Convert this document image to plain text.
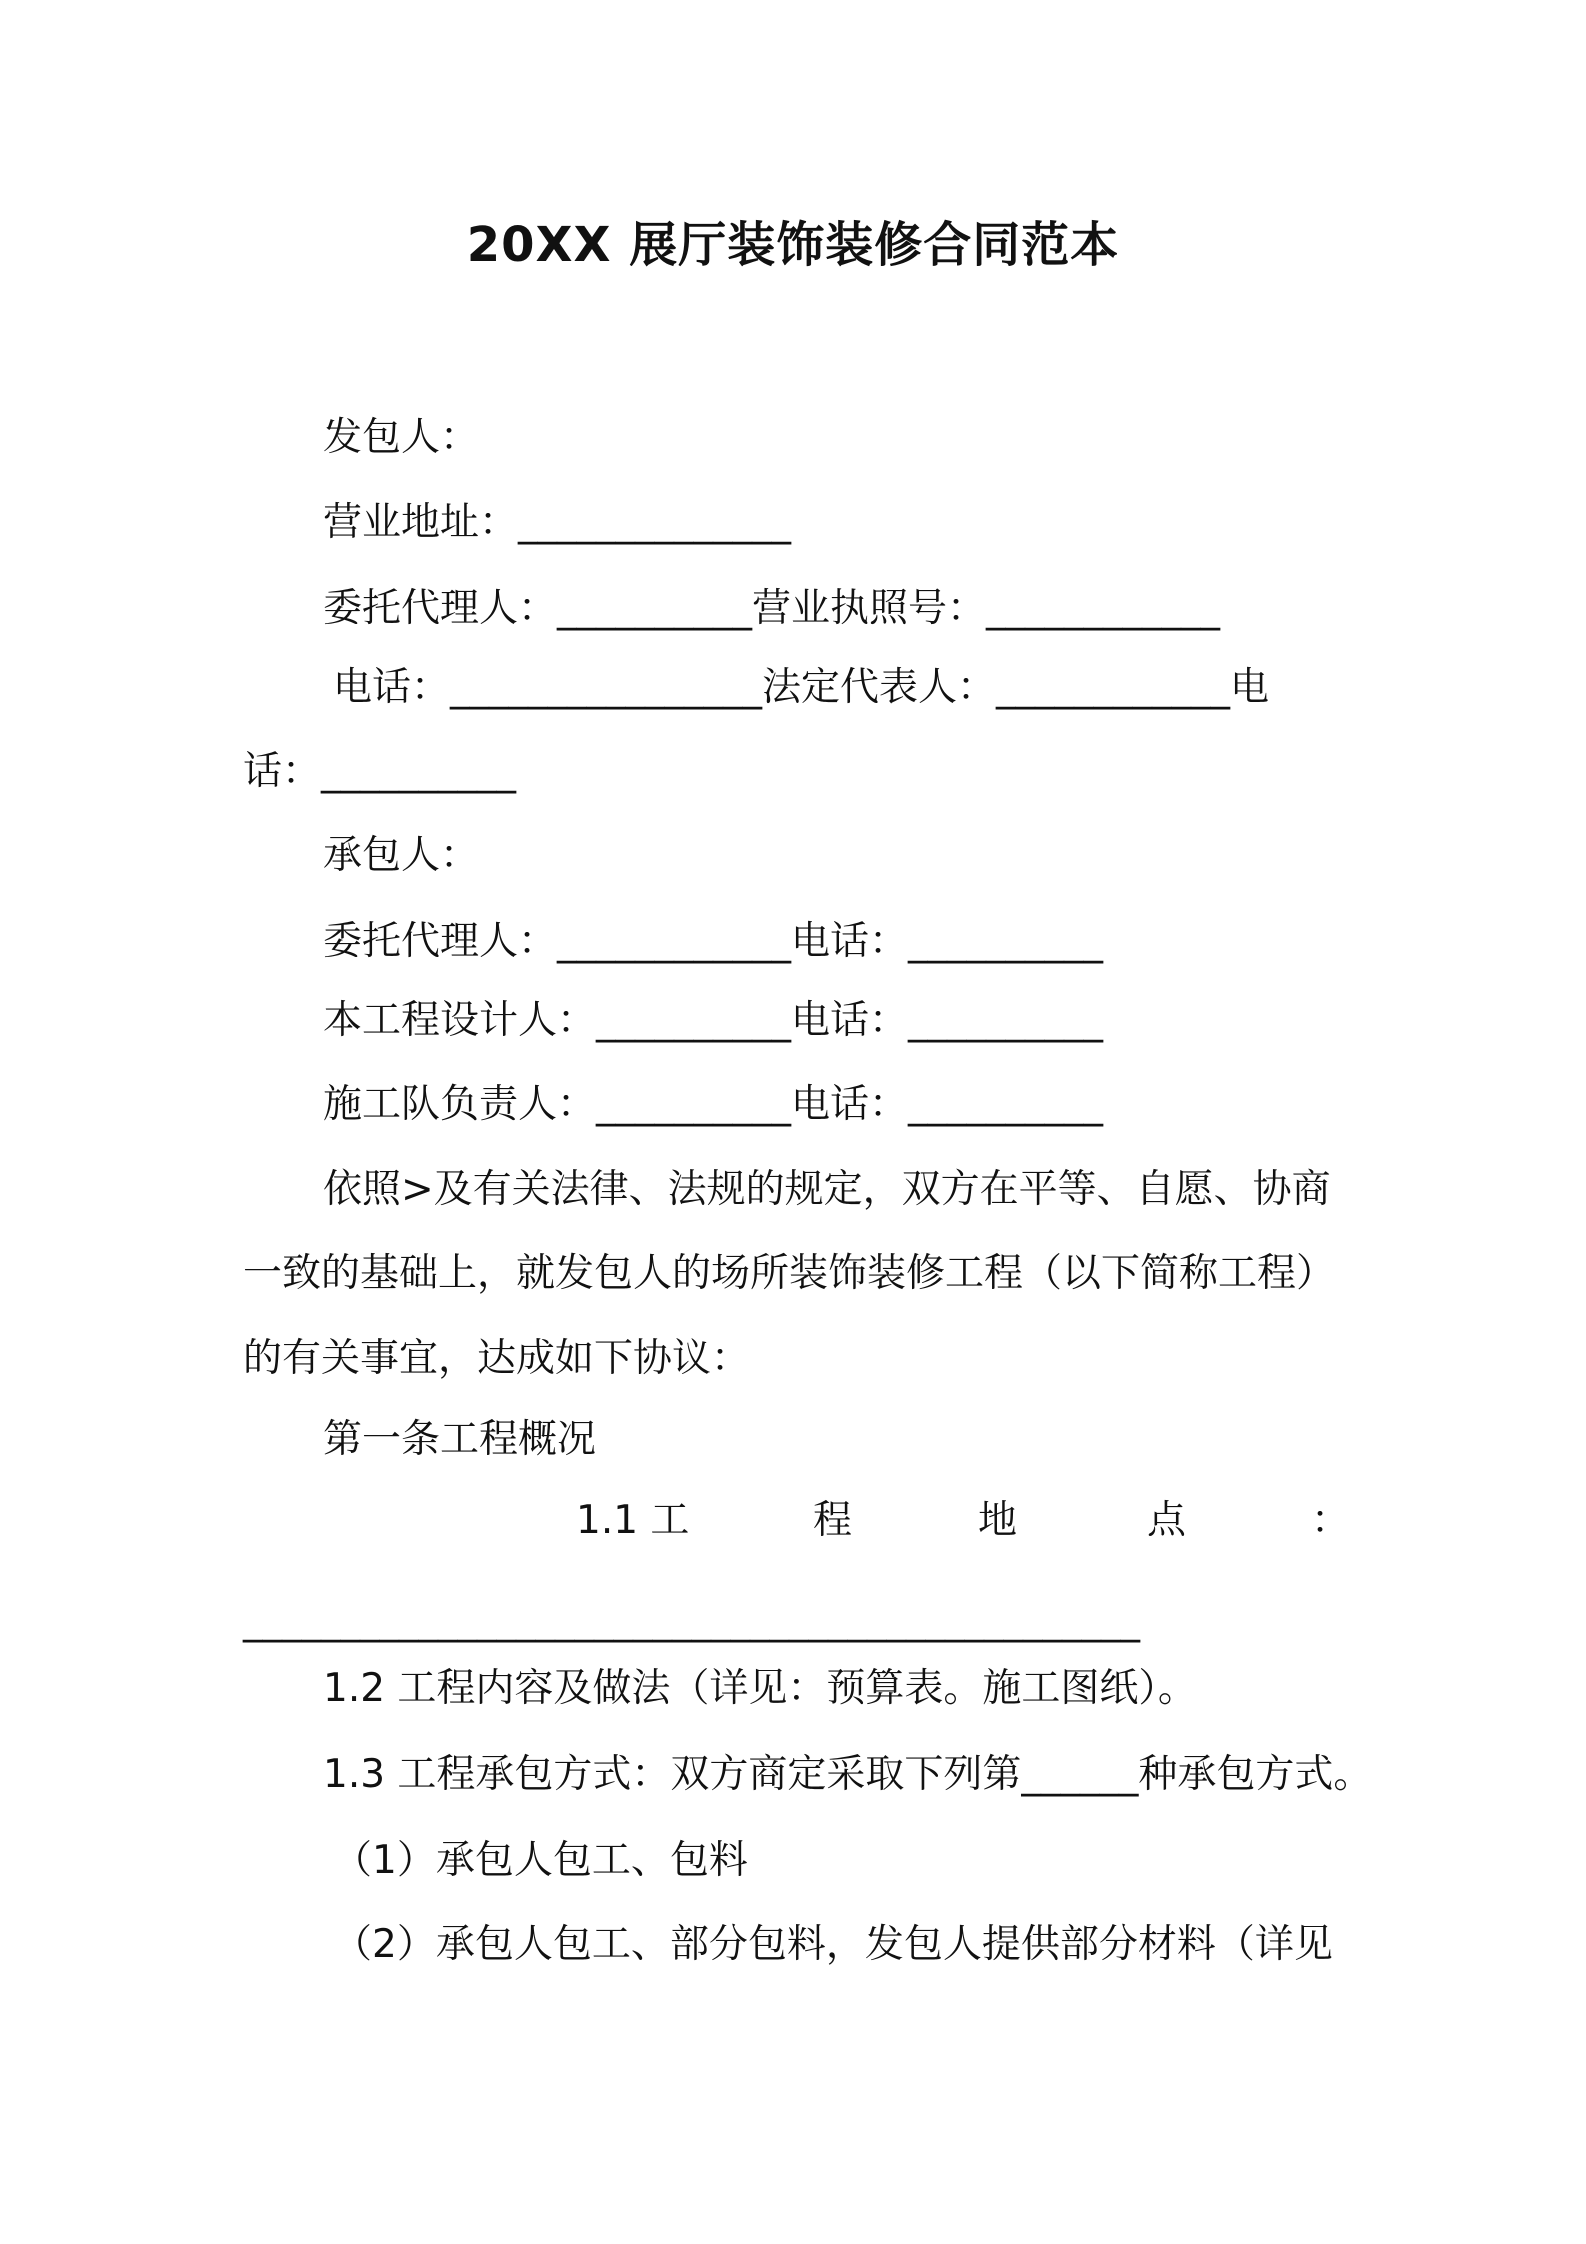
20XX 展厅装饰装修合同范本
发包人：
营业地址：______________
委托代理人：__________营业执照号：____________
电话：________________法定代表人：____________电
话：__________
承包人：
委托代理人：____________电话：__________
本工程设计人：__________电话：__________
施工队负责人：__________电话：__________
依照>及有关法律、法规的规定，双方在平等、自愿、协商
一致的基础上，就发包人的场所装饰装修工程（以下简称工程）
的有关事宜，达成如下协议：
第一条工程概况
1.1 工	程	地	点	：
______________________________________________
1.2 工程内容及做法（详见：预算表。施工图纸）。
1.3 工程承包方式：双方商定采取下列第______种承包方式。
（1）承包人包工、包料
（2）承包人包工、部分包料，发包人提供部分材料（详见
